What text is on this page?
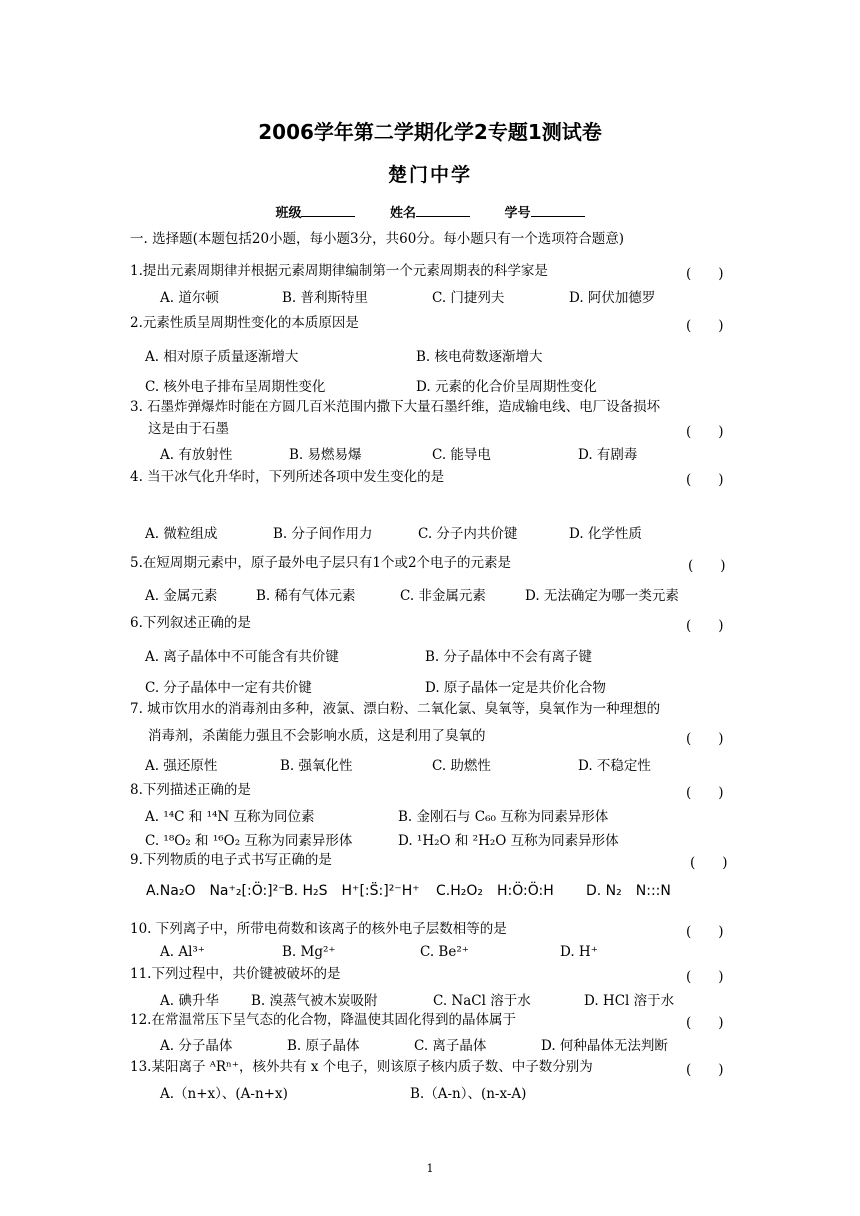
2006学年第二学期化学2专题1测试卷
楚门中学
班级	姓名	学号
一. 选择题(本题包括20小题，每小题3分，共60分。每小题只有一个选项符合题意)
1.提出元素周期律并根据元素周期律编制第一个元素周期表的科学家是	(　　)
A. 道尔顿	B. 普利斯特里	C. 门捷列夫	D. 阿伏加德罗
2.元素性质呈周期性变化的本质原因是	(　　)
A. 相对原子质量逐渐增大	B. 核电荷数逐渐增大
C. 核外电子排布呈周期性变化	D. 元素的化合价呈周期性变化
3. 石墨炸弹爆炸时能在方圆几百米范围内撒下大量石墨纤维，造成输电线、电厂设备损坏
这是由于石墨	(　　)
A. 有放射性	B. 易燃易爆	C. 能导电	D. 有剧毒
4. 当干冰气化升华时，下列所述各项中发生变化的是	(　　)
A. 微粒组成	B. 分子间作用力	C. 分子内共价键	D. 化学性质
5.在短周期元素中，原子最外电子层只有1个或2个电子的元素是	(　　)
A. 金属元素	B. 稀有气体元素	C. 非金属元素	D. 无法确定为哪一类元素
6.下列叙述正确的是	(　　)
A. 离子晶体中不可能含有共价键	B. 分子晶体中不会有离子键
C. 分子晶体中一定有共价键	D. 原子晶体一定是共价化合物
7. 城市饮用水的消毒剂由多种，液氯、漂白粉、二氧化氯、臭氧等，臭氧作为一种理想的
消毒剂，杀菌能力强且不会影响水质，这是利用了臭氧的	(　　)
A. 强还原性	B. 强氧化性	C. 助燃性	D. 不稳定性
8.下列描述正确的是	(　　)
A. ¹⁴C 和 ¹⁴N 互称为同位素	B. 金刚石与 C₆₀ 互称为同素异形体
C. ¹⁸O₂ 和 ¹⁶O₂ 互称为同素异形体	D. ¹H₂O 和 ²H₂O 互称为同素异形体
9.下列物质的电子式书写正确的是	(　　)
A.Na₂O　Na⁺₂[:Ö:]²⁻
B. H₂S　H⁺[:S̈:]²⁻H⁺ C.H₂O₂　H:Ö:Ö:H D. N₂　N:::N
10. 下列离子中，所带电荷数和该离子的核外电子层数相等的是	(　　)
A. Al³⁺	B. Mg²⁺	C. Be²⁺	D. H⁺
11.下列过程中，共价键被破坏的是	(　　)
A. 碘升华 B. 溴蒸气被木炭吸附	C. NaCl 溶于水	D. HCl 溶于水
12.在常温常压下呈气态的化合物，降温使其固化得到的晶体属于	(　　)
A. 分子晶体	B. 原子晶体	C. 离子晶体	D. 何种晶体无法判断
13.某阳离子 ᴬRⁿ⁺，核外共有 x 个电子，则该原子核内质子数、中子数分别为	(　　)
A.（n+x）、(A-n+x)	B.（A-n）、(n-x-A)
1
